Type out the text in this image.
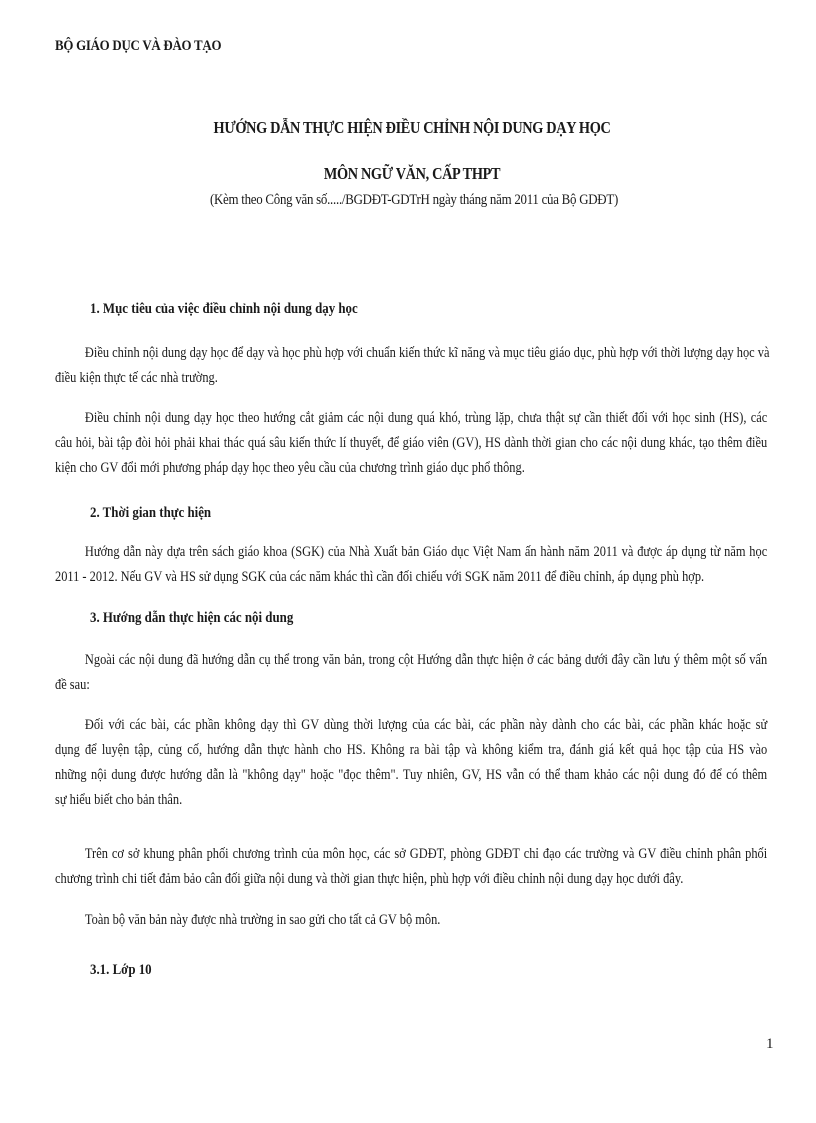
BỘ GIÁO DỤC VÀ ĐÀO TẠO
HƯỚNG DẪN THỰC HIỆN ĐIỀU CHỈNH NỘI DUNG DẠY HỌC
MÔN NGỮ VĂN, CẤP THPT
(Kèm theo Công văn số...../BGDĐT-GDTrH ngày tháng năm 2011 của Bộ GDĐT)
1. Mục tiêu của việc điều chỉnh nội dung dạy học
Điều chỉnh nội dung dạy học để dạy và học phù hợp với chuẩn kiến thức kĩ năng và mục tiêu giáo dục, phù hợp với thời lượng dạy học và
điều kiện thực tế các nhà trường.
Điều chỉnh nội dung dạy học theo hướng cắt giảm các nội dung quá khó, trùng lặp, chưa thật sự cần thiết đối với học sinh (HS), các
câu hỏi, bài tập đòi hỏi phải khai thác quá sâu kiến thức lí thuyết, để giáo viên (GV), HS dành thời gian cho các nội dung khác, tạo thêm điều
kiện cho GV đổi mới phương pháp dạy học theo yêu cầu của chương trình giáo dục phổ thông.
2. Thời gian thực hiện
Hướng dẫn này dựa trên sách giáo khoa (SGK) của Nhà Xuất bản Giáo dục Việt Nam ấn hành năm 2011 và được áp dụng từ năm học
2011 - 2012. Nếu GV và HS sử dụng SGK của các năm khác thì cần đối chiếu với SGK năm 2011 để điều chỉnh, áp dụng phù hợp.
3. Hướng dẫn thực hiện các nội dung
Ngoài các nội dung đã hướng dẫn cụ thể trong văn bản, trong cột Hướng dẫn thực hiện ở các bảng dưới đây cần lưu ý thêm một số vấn
đề sau:
Đối với các bài, các phần không dạy thì GV dùng thời lượng của các bài, các phần này dành cho các bài, các phần khác hoặc sử
dụng để luyện tập, củng cố, hướng dẫn thực hành cho HS. Không ra bài tập và không kiểm tra, đánh giá kết quả học tập của HS vào
những nội dung được hướng dẫn là "không dạy" hoặc "đọc thêm". Tuy nhiên, GV, HS vẫn có thể tham khảo các nội dung đó để có thêm
sự hiểu biết cho bản thân.
Trên cơ sở khung phân phối chương trình của môn học, các sở GDĐT, phòng GDĐT chỉ đạo các trường và GV điều chỉnh phân phối
chương trình chi tiết đảm bảo cân đối giữa nội dung và thời gian thực hiện, phù hợp với điều chỉnh nội dung dạy học dưới đây.
Toàn bộ văn bản này được nhà trường in sao gửi cho tất cả GV bộ môn.
3.1. Lớp 10
1
